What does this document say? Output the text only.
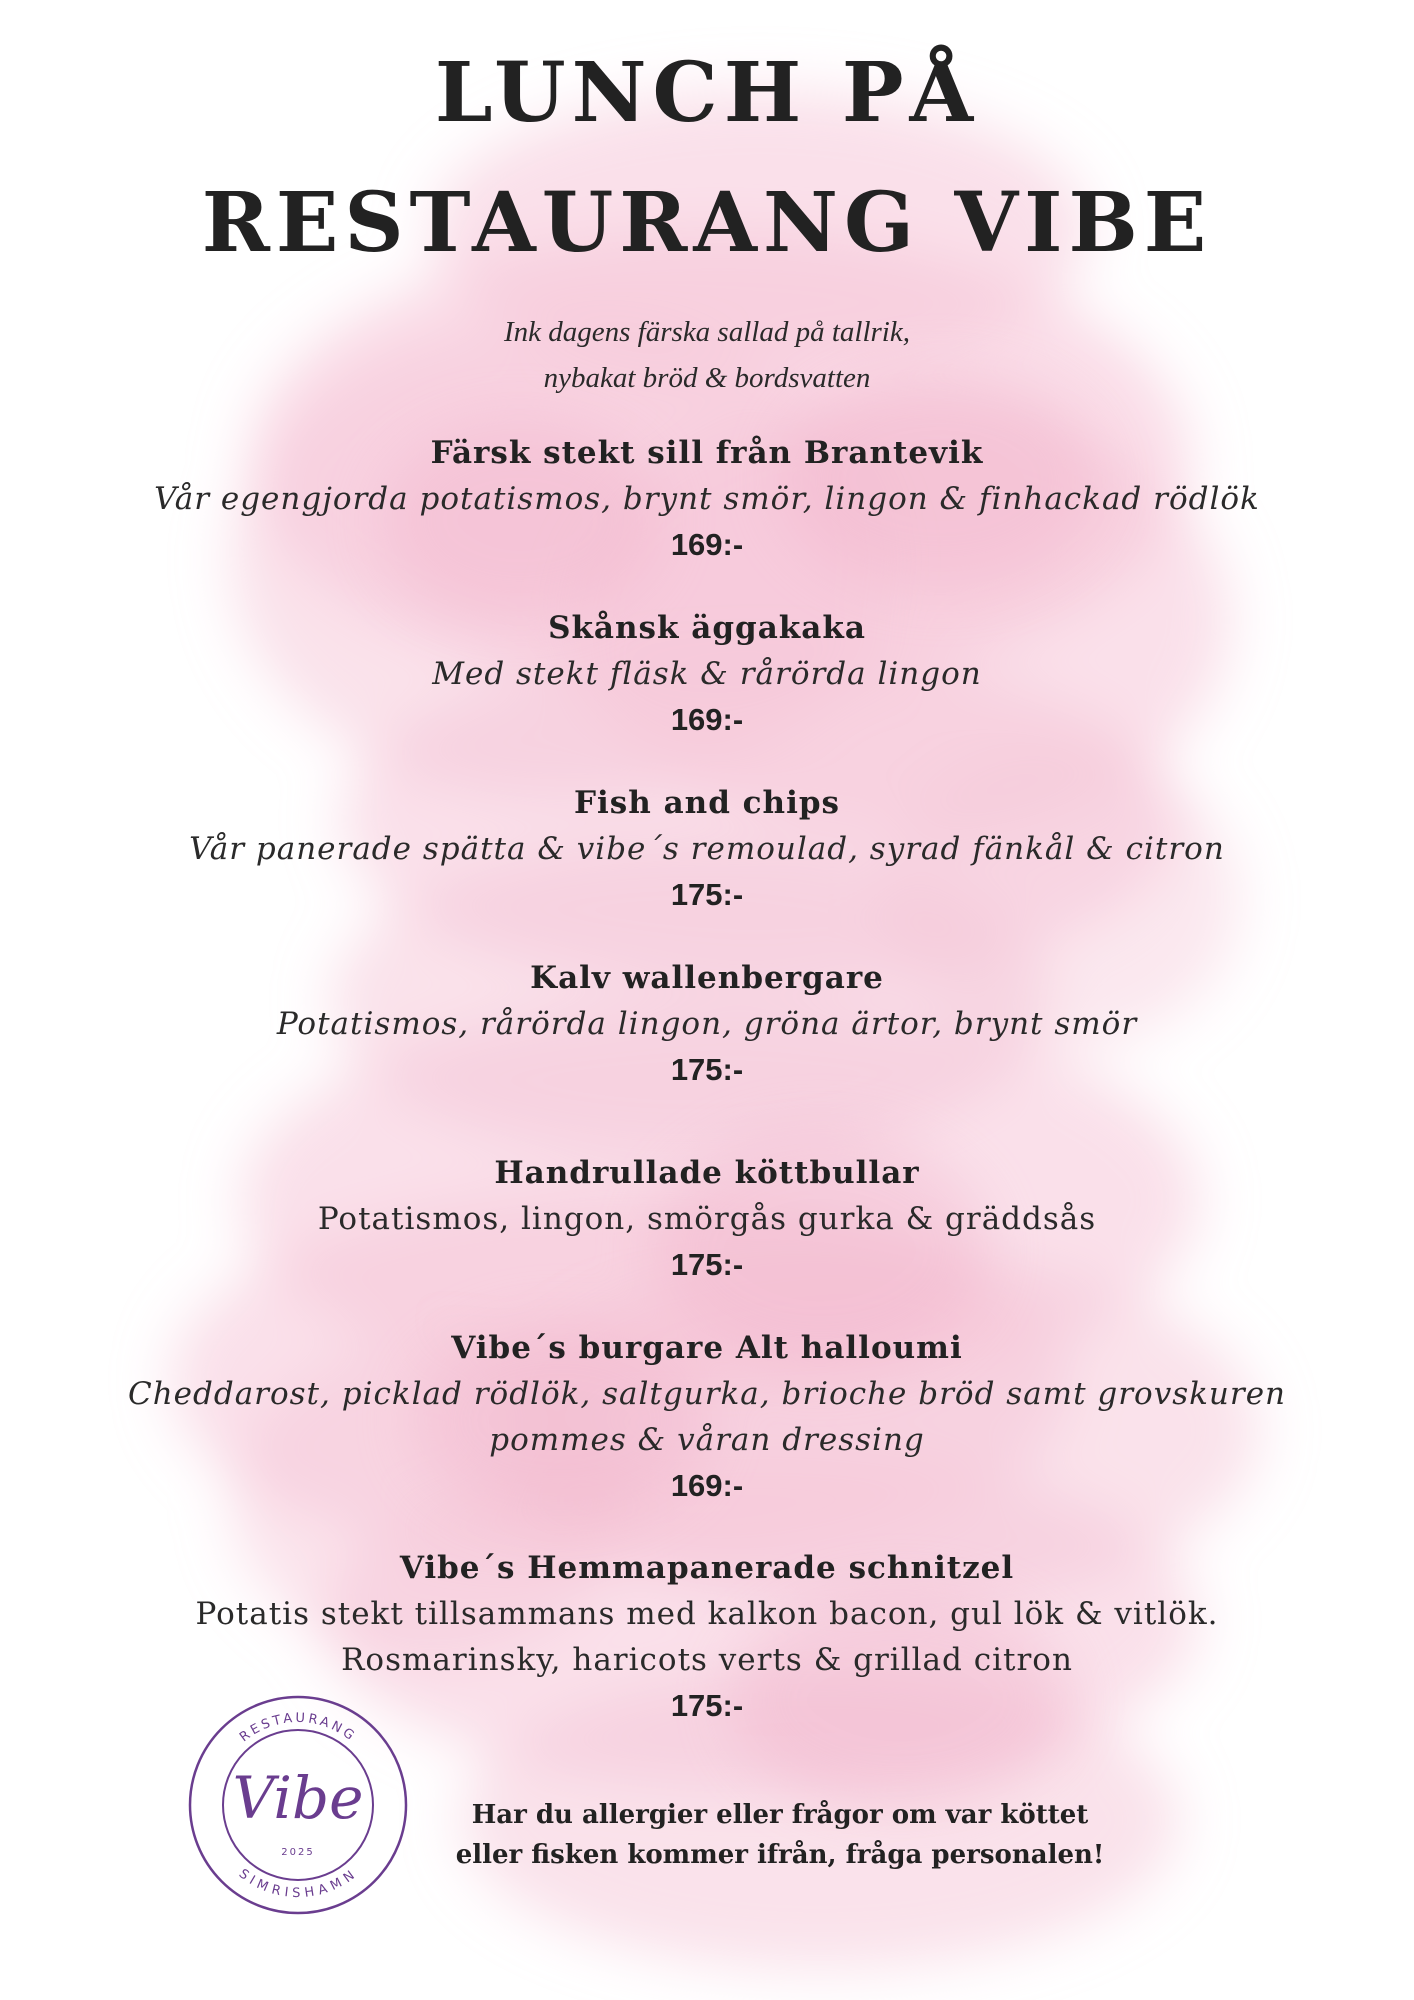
LUNCH PÅ
RESTAURANG VIBE
Ink dagens färska sallad på tallrik,
nybakat bröd & bordsvatten
Färsk stekt sill från Brantevik
Vår egengjorda potatismos, brynt smör, lingon & finhackad rödlök
169:-
Skånsk äggakaka
Med stekt fläsk & rårörda lingon
169:-
Fish and chips
Vår panerade spätta & vibe´s remoulad, syrad fänkål & citron
175:-
Kalv wallenbergare
Potatismos, rårörda lingon, gröna ärtor, brynt smör
175:-
Handrullade köttbullar
Potatismos, lingon, smörgås gurka & gräddsås
175:-
Vibe´s burgare Alt halloumi
Cheddarost, picklad rödlök, saltgurka, brioche bröd samt grovskuren
pommes & våran dressing
169:-
Vibe´s Hemmapanerade schnitzel
Potatis stekt tillsammans med kalkon bacon, gul lök & vitlök.
Rosmarinsky, haricots verts & grillad citron
175:-
Har du allergier eller frågor om var köttet
eller fisken kommer ifrån, fråga personalen!
RESTAURANG
SIMRISHAMN
Vibe
2025
